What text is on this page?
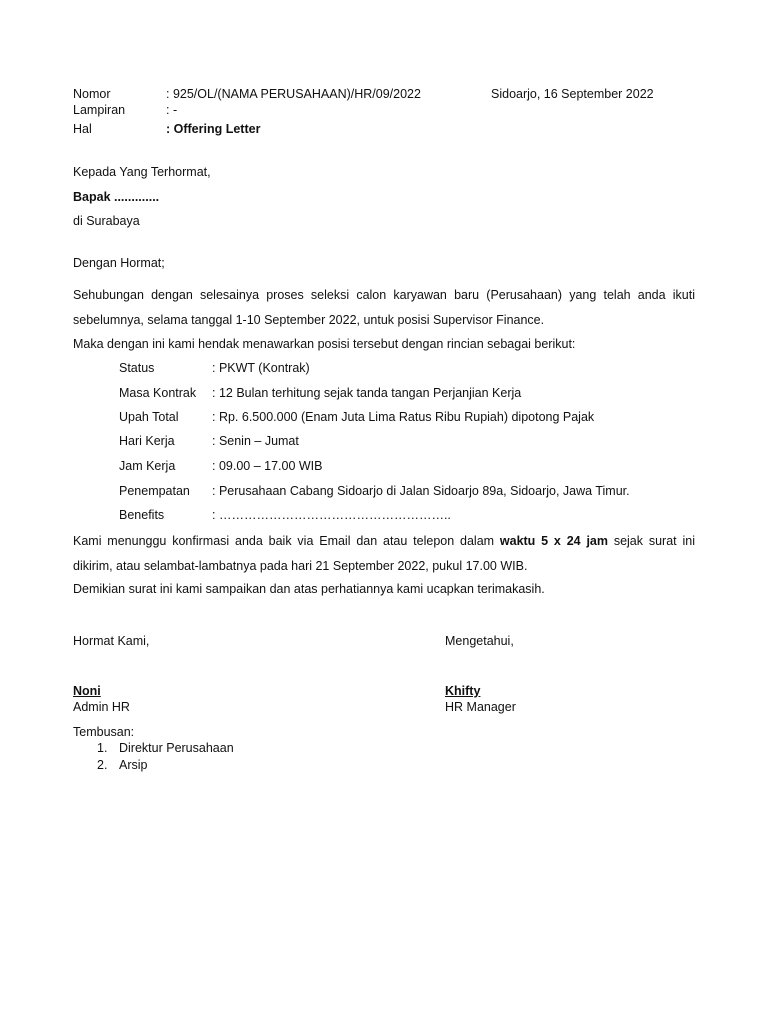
Nomor	: 925/OL/(NAMA PERUSAHAAN)/HR/09/2022	Sidoarjo, 16 September 2022
Lampiran	: -
Hal	: Offering Letter
Kepada Yang Terhormat,
Bapak .............
di Surabaya
Dengan Hormat;
Sehubungan dengan selesainya proses seleksi calon karyawan baru (Perusahaan) yang telah anda ikuti
sebelumnya, selama tanggal 1-10 September 2022, untuk posisi Supervisor Finance.
Maka dengan ini kami hendak menawarkan posisi tersebut dengan rincian sebagai berikut:
Status	: PKWT (Kontrak)
Masa Kontrak : 12 Bulan terhitung sejak tanda tangan Perjanjian Kerja
Upah Total	: Rp. 6.500.000 (Enam Juta Lima Ratus Ribu Rupiah) dipotong Pajak
Hari Kerja	: Senin – Jumat
Jam Kerja	: 09.00 – 17.00 WIB
Penempatan : Perusahaan Cabang Sidoarjo di Jalan Sidoarjo 89a, Sidoarjo, Jawa Timur.
Benefits	: ………………………………………………..
Kami menunggu konfirmasi anda baik via Email dan atau telepon dalam waktu 5 x 24 jam sejak surat ini
dikirim, atau selambat-lambatnya pada hari 21 September 2022, pukul 17.00 WIB.
Demikian surat ini kami sampaikan dan atas perhatiannya kami ucapkan terimakasih.
Hormat Kami,	Mengetahui,
Noni	Khifty
Admin HR	HR Manager
Tembusan:
1. Direktur Perusahaan
2. Arsip
